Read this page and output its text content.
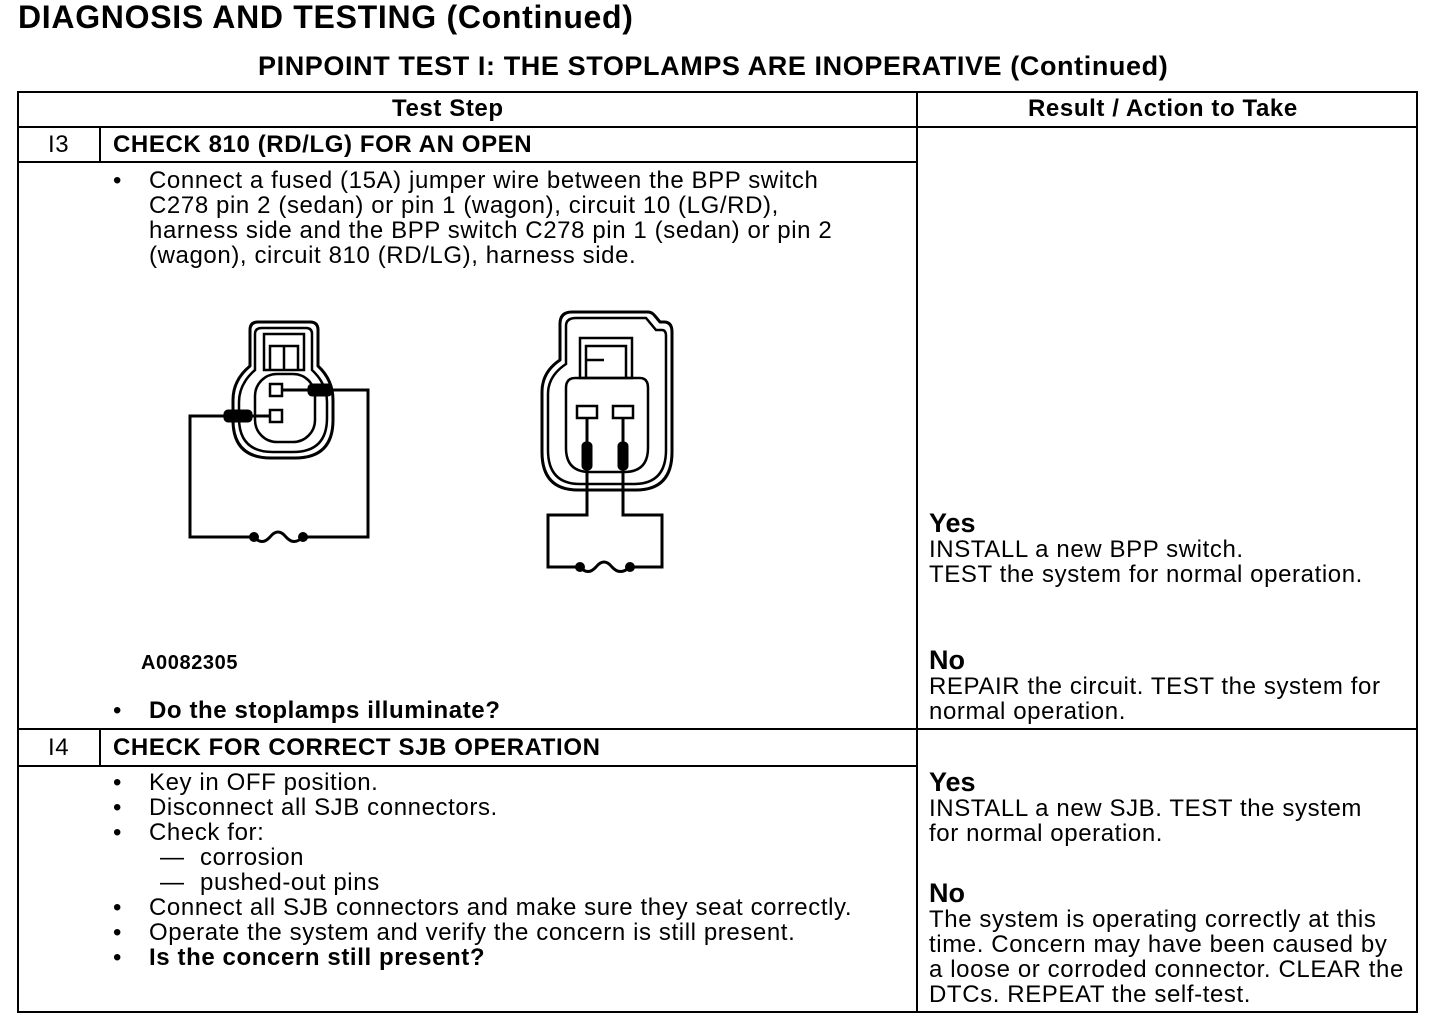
DIAGNOSIS AND TESTING (Continued)
PINPOINT TEST I: THE STOPLAMPS ARE INOPERATIVE (Continued)
Test Step	Result / Action to Take
I3 CHECK 810 (RD/LG) FOR AN OPEN
•	Connect a fused (15A) jumper wire between the BPP switch
C278 pin 2 (sedan) or pin 1 (wagon), circuit 10 (LG/RD),
harness side and the BPP switch C278 pin 1 (sedan) or pin 2
(wagon), circuit 810 (RD/LG), harness side.
A0082305
•	Do the stoplamps illuminate?
Yes
INSTALL a new BPP switch.
TEST the system for normal operation.
No
REPAIR the circuit. TEST the system for
normal operation.
I4 CHECK FOR CORRECT SJB OPERATION
•	Key in OFF position.
•	Disconnect all SJB connectors.
•	Check for:
— corrosion
— pushed-out pins
•	Connect all SJB connectors and make sure they seat correctly.
•	Operate the system and verify the concern is still present.
•	Is the concern still present?
Yes
INSTALL a new SJB. TEST the system
for normal operation.
No
The system is operating correctly at this
time. Concern may have been caused by
a loose or corroded connector. CLEAR the
DTCs. REPEAT the self-test.
